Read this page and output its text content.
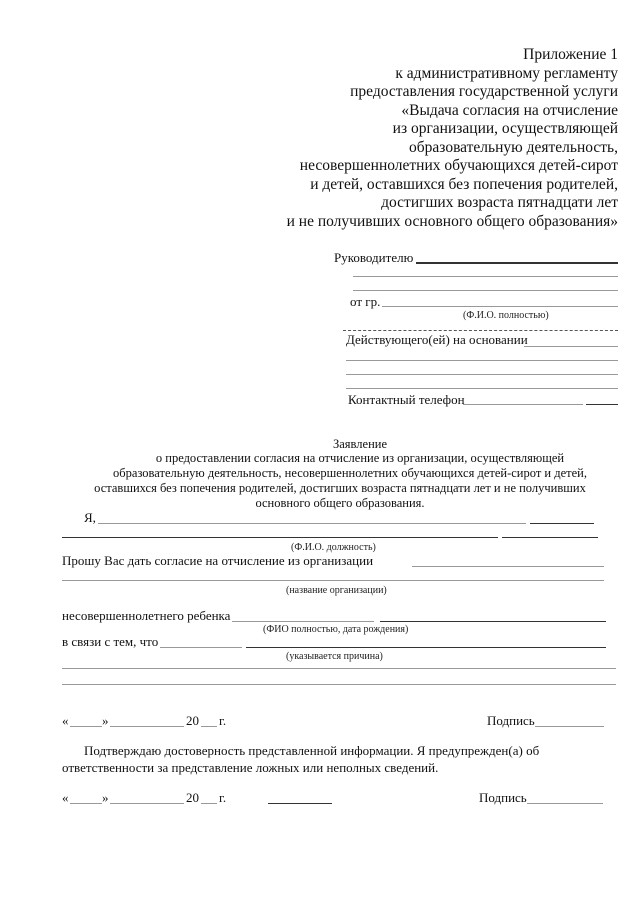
Приложение 1
к административному регламенту
предоставления государственной услуги
«Выдача согласия на отчисление
из организации, осуществляющей
образовательную деятельность,
несовершеннолетних обучающихся детей-сирот
и детей, оставшихся без попечения родителей,
достигших возраста пятнадцати лет
и не получивших основного общего образования»
Руководителю
от гр.
(Ф.И.О. полностью)
Действующего(ей) на основании
Контактный телефон
Заявление
о предоставлении согласия на отчисление из организации, осуществляющей
образовательную деятельность, несовершеннолетних обучающихся детей-сирот и детей,
оставшихся без попечения родителей, достигших возраста пятнадцати лет и не получивших
основного общего образования.
Я,
(Ф.И.О. должность)
Прошу Вас дать согласие на отчисление из организации
(название организации)
несовершеннолетнего ребенка
(ФИО полностью, дата рождения)
в связи с тем, что
(указывается причина)
«	»	20 г.	Подпись
Подтверждаю достоверность представленной информации. Я предупрежден(а) об
ответственности за представление ложных или неполных сведений.
«	»	20 г.	Подпись
